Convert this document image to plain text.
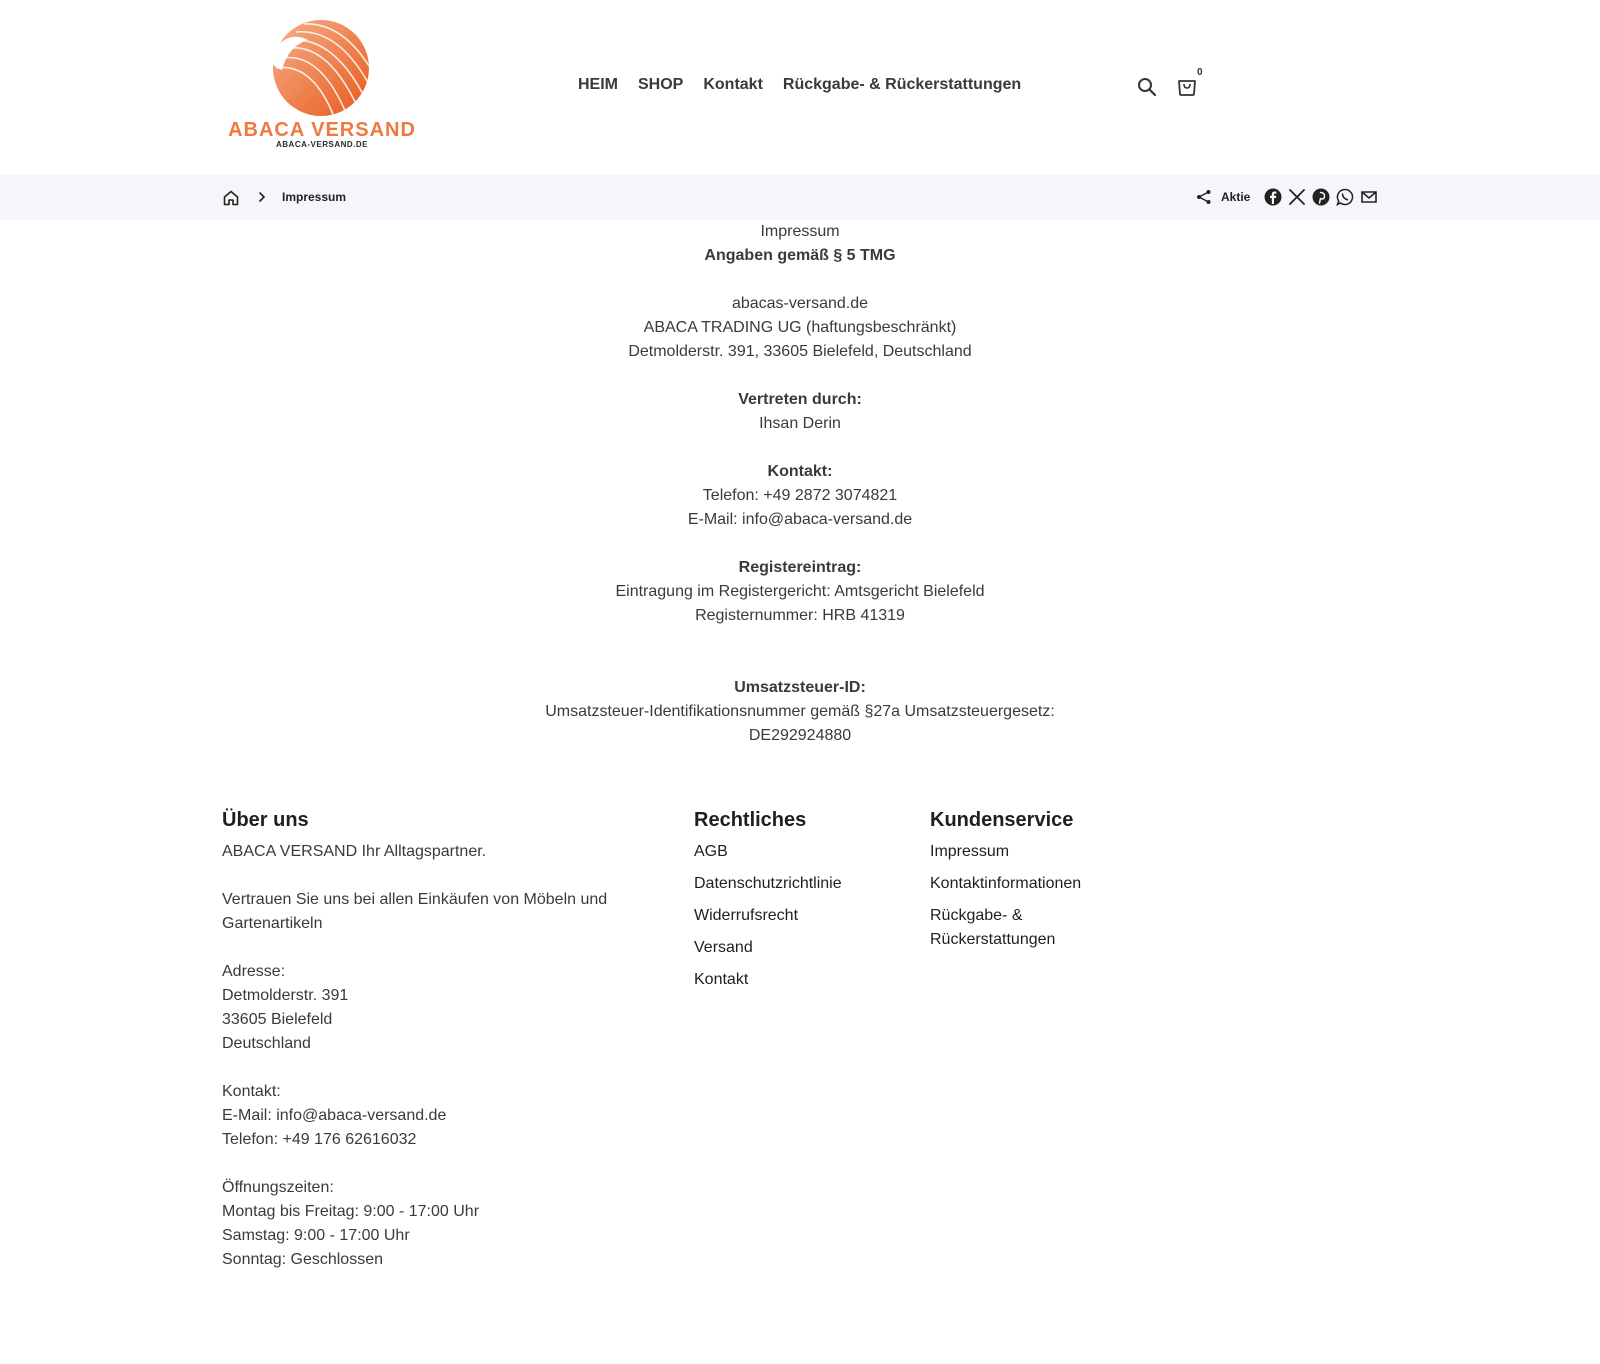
ABACA VERSAND
ABACA-VERSAND.DE
HEIM SHOP Kontakt Rückgabe- & Rückerstattungen
0
Impressum	Aktie

Impressum

Angaben gemäß § 5 TMG

abacas-versand.de

ABACA TRADING UG (haftungsbeschränkt)

Detmolderstr. 391, 33605 Bielefeld, Deutschland

Vertreten durch:

Ihsan Derin

Kontakt:

Telefon: +49 2872 3074821

E-Mail: info@abaca-versand.de

Registereintrag:

Eintragung im Registergericht: Amtsgericht Bielefeld

Registernummer: HRB 41319

Umsatzsteuer-ID:

Umsatzsteuer-Identifikationsnummer gemäß §27a Umsatzsteuergesetz:

DE292924880

Über uns

ABACA VERSAND Ihr Alltagspartner.

Vertrauen Sie uns bei allen Einkäufen von Möbeln und Gartenartikeln

Adresse:

Detmolderstr. 391

33605 Bielefeld

Deutschland

Kontakt:

E-Mail: info@abaca-versand.de

Telefon: +49 176 62616032

Öffnungszeiten:

Montag bis Freitag: 9:00 - 17:00 Uhr

Samstag: 9:00 - 17:00 Uhr

Sonntag: Geschlossen

Rechtliches
AGB
Datenschutzrichtlinie
Widerrufsrecht
Versand
Kontakt
Kundenservice
Impressum
Kontaktinformationen
Rückgabe- & Rückerstattungen
